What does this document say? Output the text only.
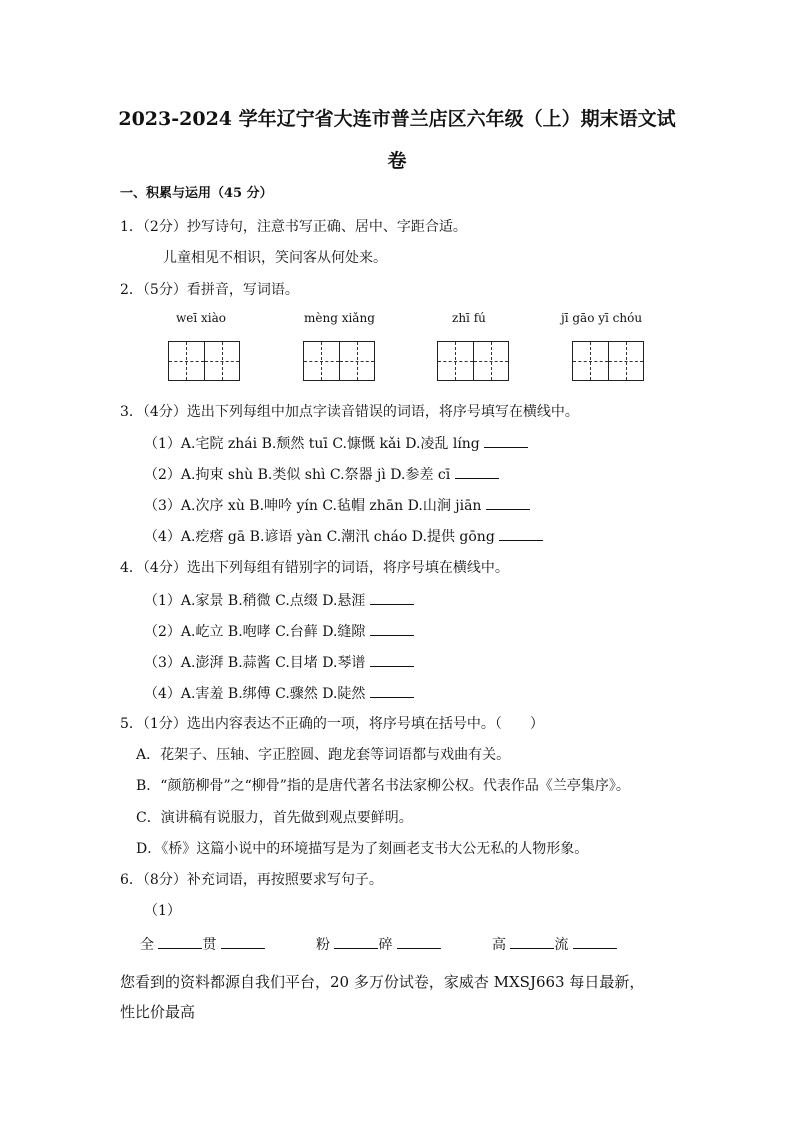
2023-2024 学年辽宁省大连市普兰店区六年级（上）期末语文试
卷
一、积累与运用（45 分）
1．（2分）抄写诗句，注意书写正确、居中、字距合适。
儿童相见不相识，笑问客从何处来。
2．（5分）看拼音，写词语。
weī xiào	mèng xiǎng	zhī fú	jī gāo yī chóu
3．（4分）选出下列每组中加点字读音错误的词语，将序号填写在横线中。
（1）A.宅院 zhái B.颓然 tuī C.慷慨 kǎi D.凌乱 líng
（2）A.拘束 shù B.类似 shì C.祭器 jì D.参差 cī
（3）A.次序 xù B.呻吟 yín C.毡帽 zhān D.山涧 jiān
（4）A.疙瘩 gā B.谚语 yàn C.潮汛 cháo D.提供 gōng
4．（4分）选出下列每组有错别字的词语，将序号填在横线中。
（1）A.家景 B.稍微 C.点缀 D.悬涯
（2）A.屹立 B.咆哮 C.台藓 D.缝隙
（3）A.澎湃 B.蒜酱 C.目堵 D.琴谱
（4）A.害羞 B.绑傅 C.骤然 D.陡然
5．（1分）选出内容表达不正确的一项，将序号填在括号中。（　　）
A．花架子、压轴、字正腔圆、跑龙套等词语都与戏曲有关。
B．“颜筋柳骨”之“柳骨”指的是唐代著名书法家柳公权。代表作品《兰亭集序》。
C．演讲稿有说服力，首先做到观点要鲜明。
D．《桥》这篇小说中的环境描写是为了刻画老支书大公无私的人物形象。
6．（8分）补充词语，再按照要求写句子。
（1）
全	贯	粉	碎	高	流
您看到的资料都源自我们平台，20 多万份试卷，家威杏 MXSJ663 每日最新，
性比价最高
